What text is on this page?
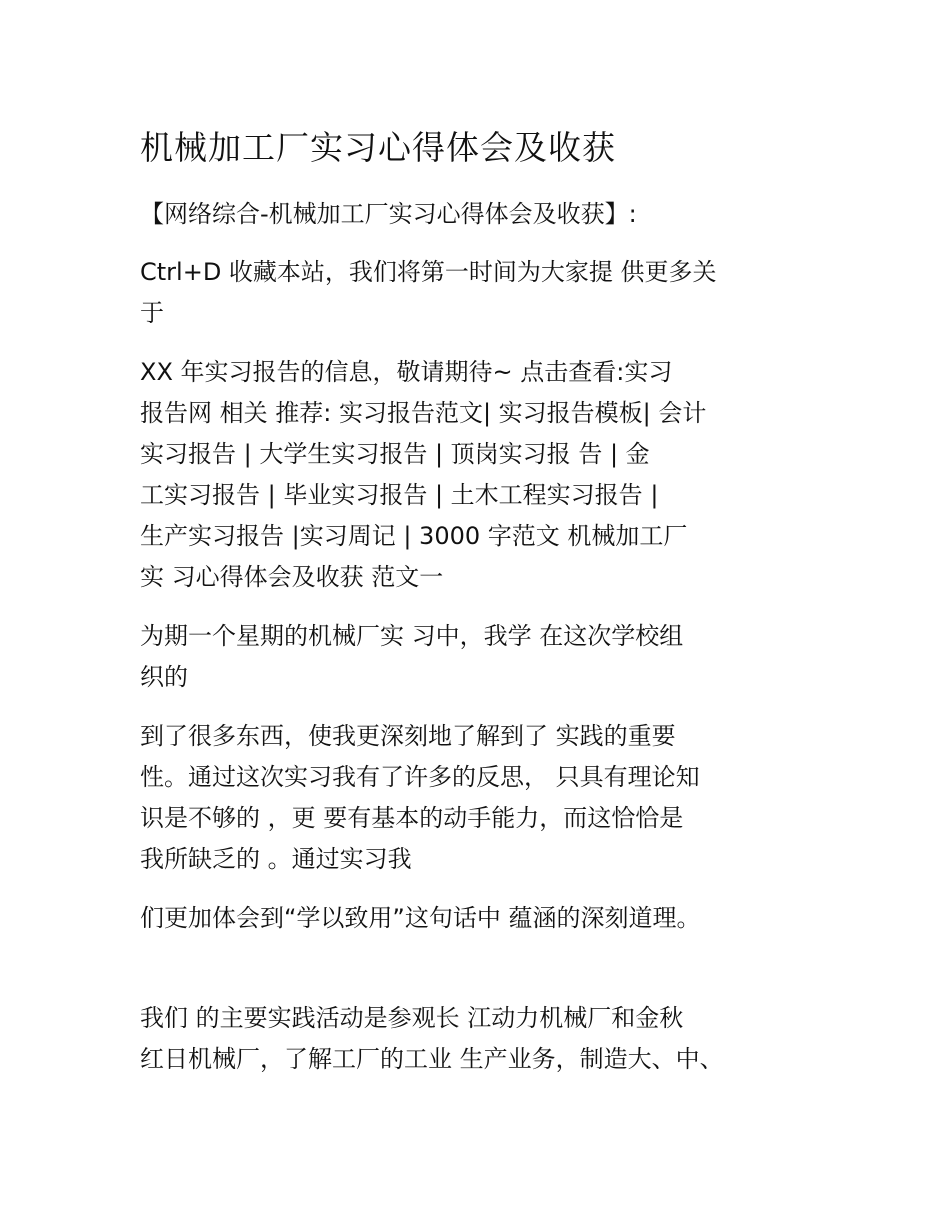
机械加工厂实习心得体会及收获

【网络综合-机械加工厂实习心得体会及收获】:

Ctrl+D 收藏本站，我们将第一时间为大家提 供更多关

于

XX 年实习报告的信息，敬请期待~ 点击查看:实习

报告网 相关 推荐: 实习报告范文| 实习报告模板| 会计

实习报告 | 大学生实习报告 | 顶岗实习报 告 | 金

工实习报告 | 毕业实习报告 | 土木工程实习报告 |

生产实习报告 |实习周记 | 3000 字范文 机械加工厂

实 习心得体会及收获 范文一

为期一个星期的机械厂实 习中，我学 在这次学校组

织的

到了很多东西，使我更深刻地了解到了 实践的重要

性。通过这次实习我有了许多的反思， 只具有理论知

识是不够的 ，更 要有基本的动手能力，而这恰恰是

我所缺乏的 。通过实习我

们更加体会到“学以致用”这句话中 蕴涵的深刻道理。

我们 的主要实践活动是参观长 江动力机械厂和金秋

红日机械厂，了解工厂的工业 生产业务，制造大、中、
